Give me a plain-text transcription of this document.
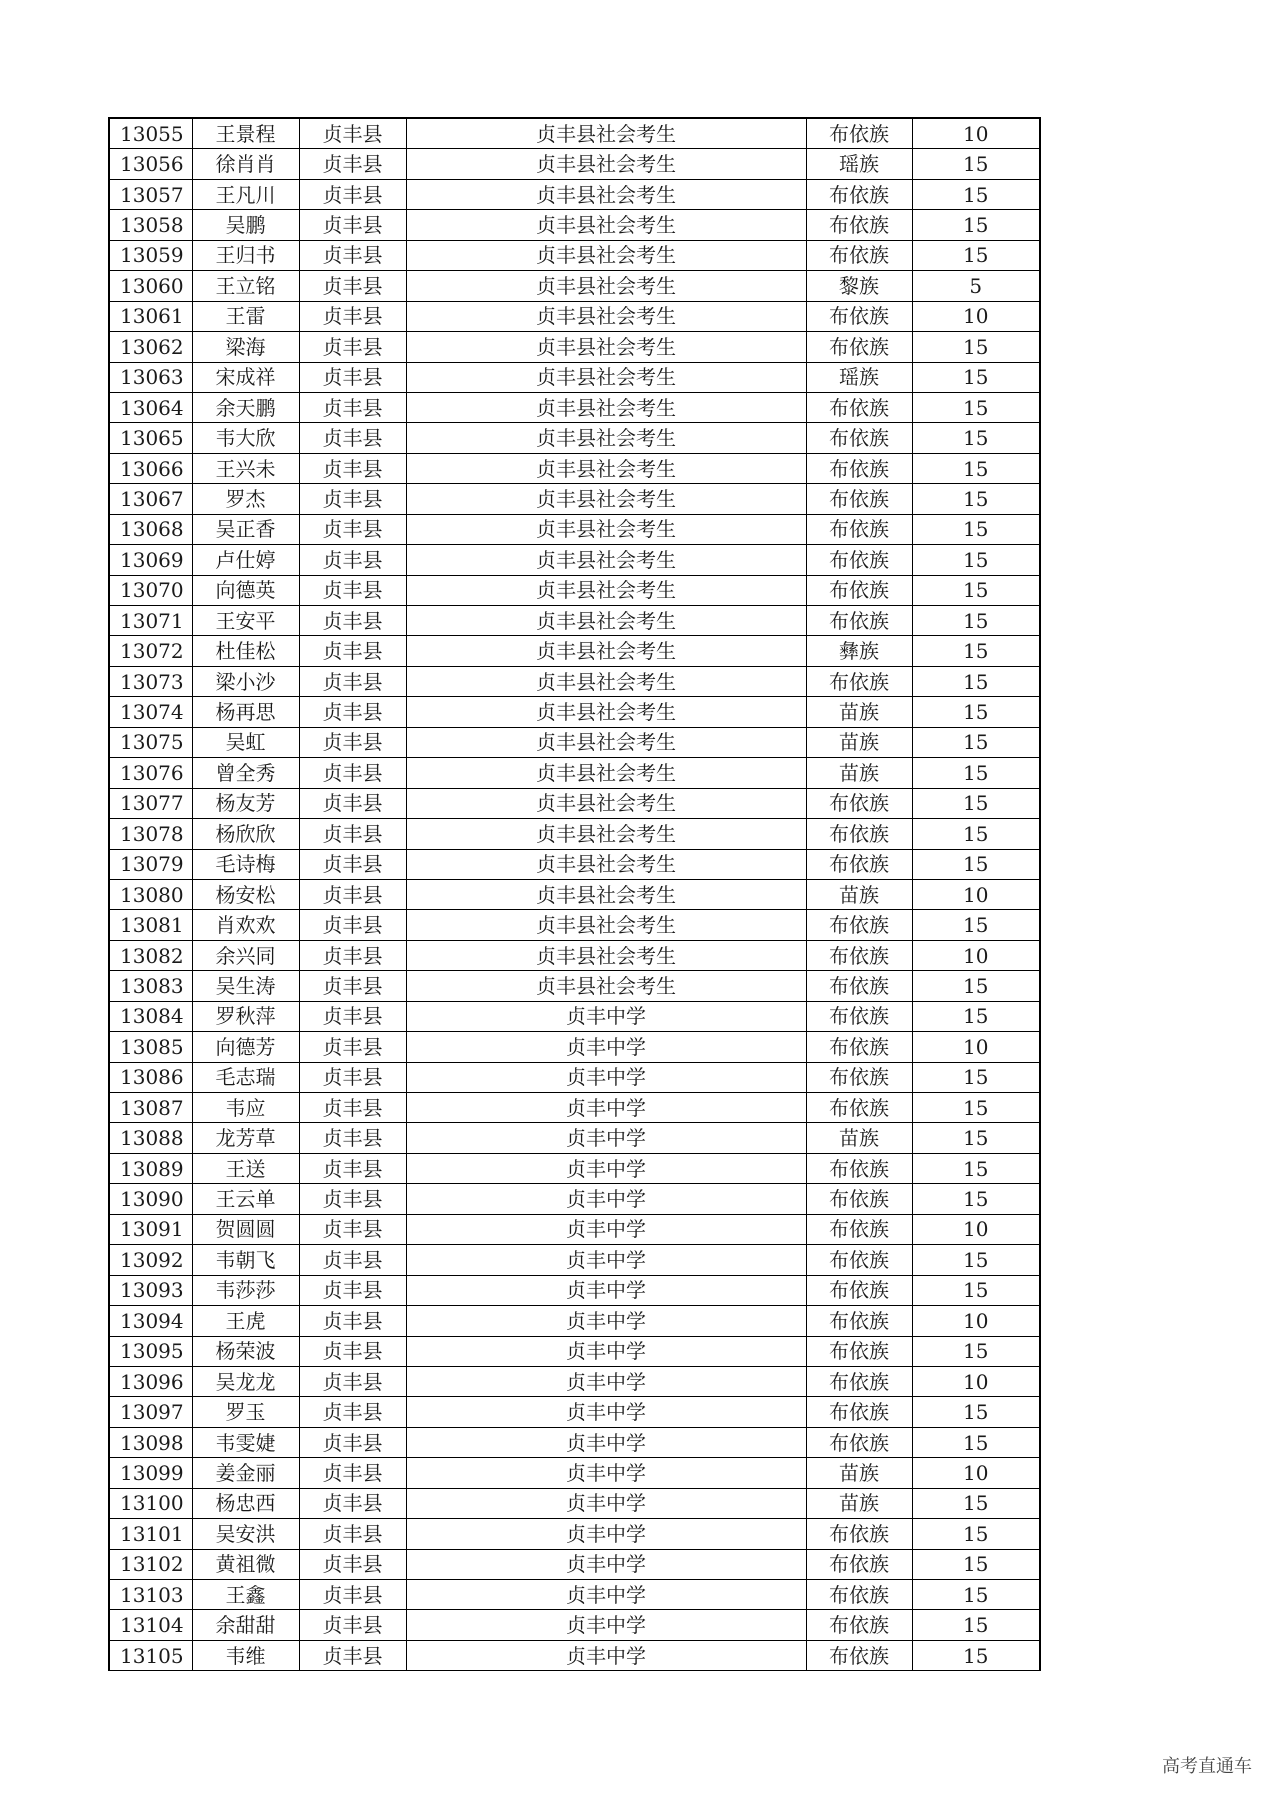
13055	王景程	贞丰县	贞丰县社会考生	布依族	10
13056	徐肖肖	贞丰县	贞丰县社会考生	瑶族	15
13057	王凡川	贞丰县	贞丰县社会考生	布依族	15
13058	吴鹏	贞丰县	贞丰县社会考生	布依族	15
13059	王归书	贞丰县	贞丰县社会考生	布依族	15
13060	王立铭	贞丰县	贞丰县社会考生	黎族	5
13061	王雷	贞丰县	贞丰县社会考生	布依族	10
13062	梁海	贞丰县	贞丰县社会考生	布依族	15
13063	宋成祥	贞丰县	贞丰县社会考生	瑶族	15
13064	余天鹏	贞丰县	贞丰县社会考生	布依族	15
13065	韦大欣	贞丰县	贞丰县社会考生	布依族	15
13066	王兴未	贞丰县	贞丰县社会考生	布依族	15
13067	罗杰	贞丰县	贞丰县社会考生	布依族	15
13068	吴正香	贞丰县	贞丰县社会考生	布依族	15
13069	卢仕婷	贞丰县	贞丰县社会考生	布依族	15
13070	向德英	贞丰县	贞丰县社会考生	布依族	15
13071	王安平	贞丰县	贞丰县社会考生	布依族	15
13072	杜佳松	贞丰县	贞丰县社会考生	彝族	15
13073	梁小沙	贞丰县	贞丰县社会考生	布依族	15
13074	杨再思	贞丰县	贞丰县社会考生	苗族	15
13075	吴虹	贞丰县	贞丰县社会考生	苗族	15
13076	曾全秀	贞丰县	贞丰县社会考生	苗族	15
13077	杨友芳	贞丰县	贞丰县社会考生	布依族	15
13078	杨欣欣	贞丰县	贞丰县社会考生	布依族	15
13079	毛诗梅	贞丰县	贞丰县社会考生	布依族	15
13080	杨安松	贞丰县	贞丰县社会考生	苗族	10
13081	肖欢欢	贞丰县	贞丰县社会考生	布依族	15
13082	余兴同	贞丰县	贞丰县社会考生	布依族	10
13083	吴生涛	贞丰县	贞丰县社会考生	布依族	15
13084	罗秋萍	贞丰县	贞丰中学	布依族	15
13085	向德芳	贞丰县	贞丰中学	布依族	10
13086	毛志瑞	贞丰县	贞丰中学	布依族	15
13087	韦应	贞丰县	贞丰中学	布依族	15
13088	龙芳草	贞丰县	贞丰中学	苗族	15
13089	王送	贞丰县	贞丰中学	布依族	15
13090	王云单	贞丰县	贞丰中学	布依族	15
13091	贺圆圆	贞丰县	贞丰中学	布依族	10
13092	韦朝飞	贞丰县	贞丰中学	布依族	15
13093	韦莎莎	贞丰县	贞丰中学	布依族	15
13094	王虎	贞丰县	贞丰中学	布依族	10
13095	杨荣波	贞丰县	贞丰中学	布依族	15
13096	吴龙龙	贞丰县	贞丰中学	布依族	10
13097	罗玉	贞丰县	贞丰中学	布依族	15
13098	韦雯婕	贞丰县	贞丰中学	布依族	15
13099	姜金丽	贞丰县	贞丰中学	苗族	10
13100	杨忠西	贞丰县	贞丰中学	苗族	15
13101	吴安洪	贞丰县	贞丰中学	布依族	15
13102	黄祖微	贞丰县	贞丰中学	布依族	15
13103	王鑫	贞丰县	贞丰中学	布依族	15
13104	余甜甜	贞丰县	贞丰中学	布依族	15
13105	韦维	贞丰县	贞丰中学	布依族	15
高考直通车
